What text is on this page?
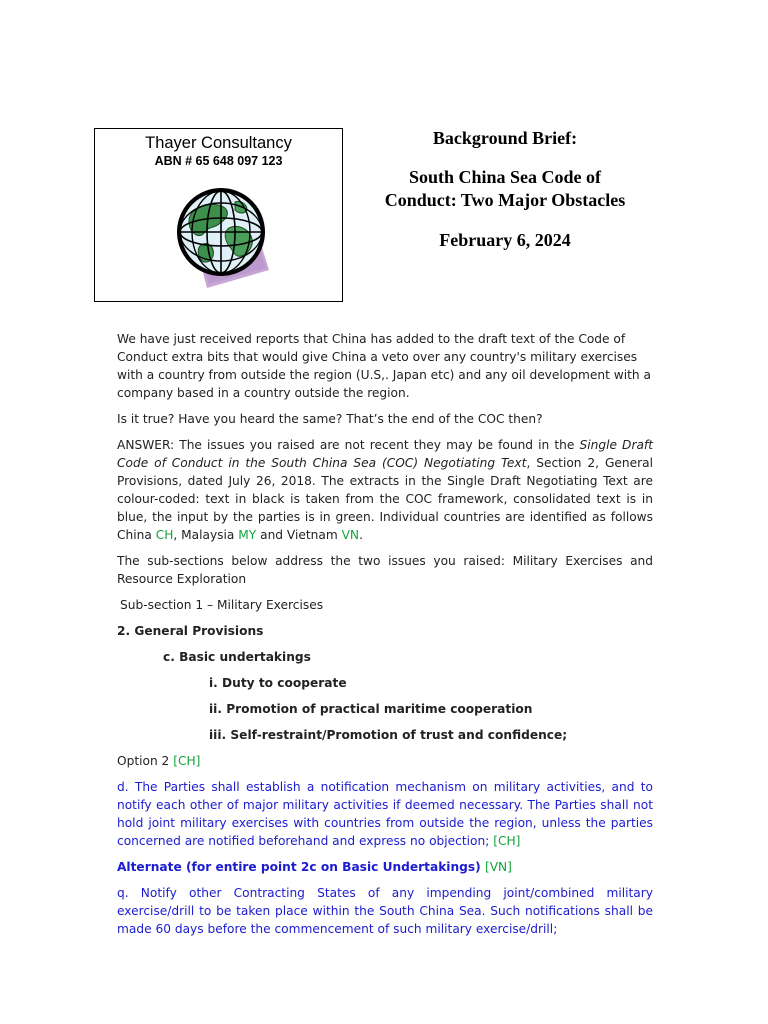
Thayer Consultancy
ABN # 65 648 097 123
Background Brief:
South China Sea Code of
Conduct: Two Major Obstacles
February 6, 2024

We have just received reports that China has added to the draft text of the Code of Conduct extra bits that would give China a veto over any country's military exercises with a country from outside the region (U.S,. Japan etc) and any oil development with a company based in a country outside the region.

Is it true? Have you heard the same? That’s the end of the COC then?

ANSWER: The issues you raised are not recent they may be found in the Single Draft Code of Conduct in the South China Sea (COC) Negotiating Text, Section 2, General Provisions, dated July 26, 2018. The extracts in the Single Draft Negotiating Text are colour-coded: text in black is taken from the COC framework, consolidated text is in blue, the input by the parties is in green. Individual countries are identified as follows China CH, Malaysia MY and Vietnam VN.

The sub-sections below address the two issues you raised: Military Exercises and Resource Exploration

Sub-section 1 – Military Exercises

2. General Provisions

c. Basic undertakings

i. Duty to cooperate

ii. Promotion of practical maritime cooperation

iii. Self-restraint/Promotion of trust and confidence;

Option 2 [CH]

d. The Parties shall establish a notification mechanism on military activities, and to notify each other of major military activities if deemed necessary. The Parties shall not hold joint military exercises with countries from outside the region, unless the parties concerned are notified beforehand and express no objection; [CH]

Alternate (for entire point 2c on Basic Undertakings) [VN]

q. Notify other Contracting States of any impending joint/combined military exercise/drill to be taken place within the South China Sea. Such notifications shall be made 60 days before the commencement of such military exercise/drill;
